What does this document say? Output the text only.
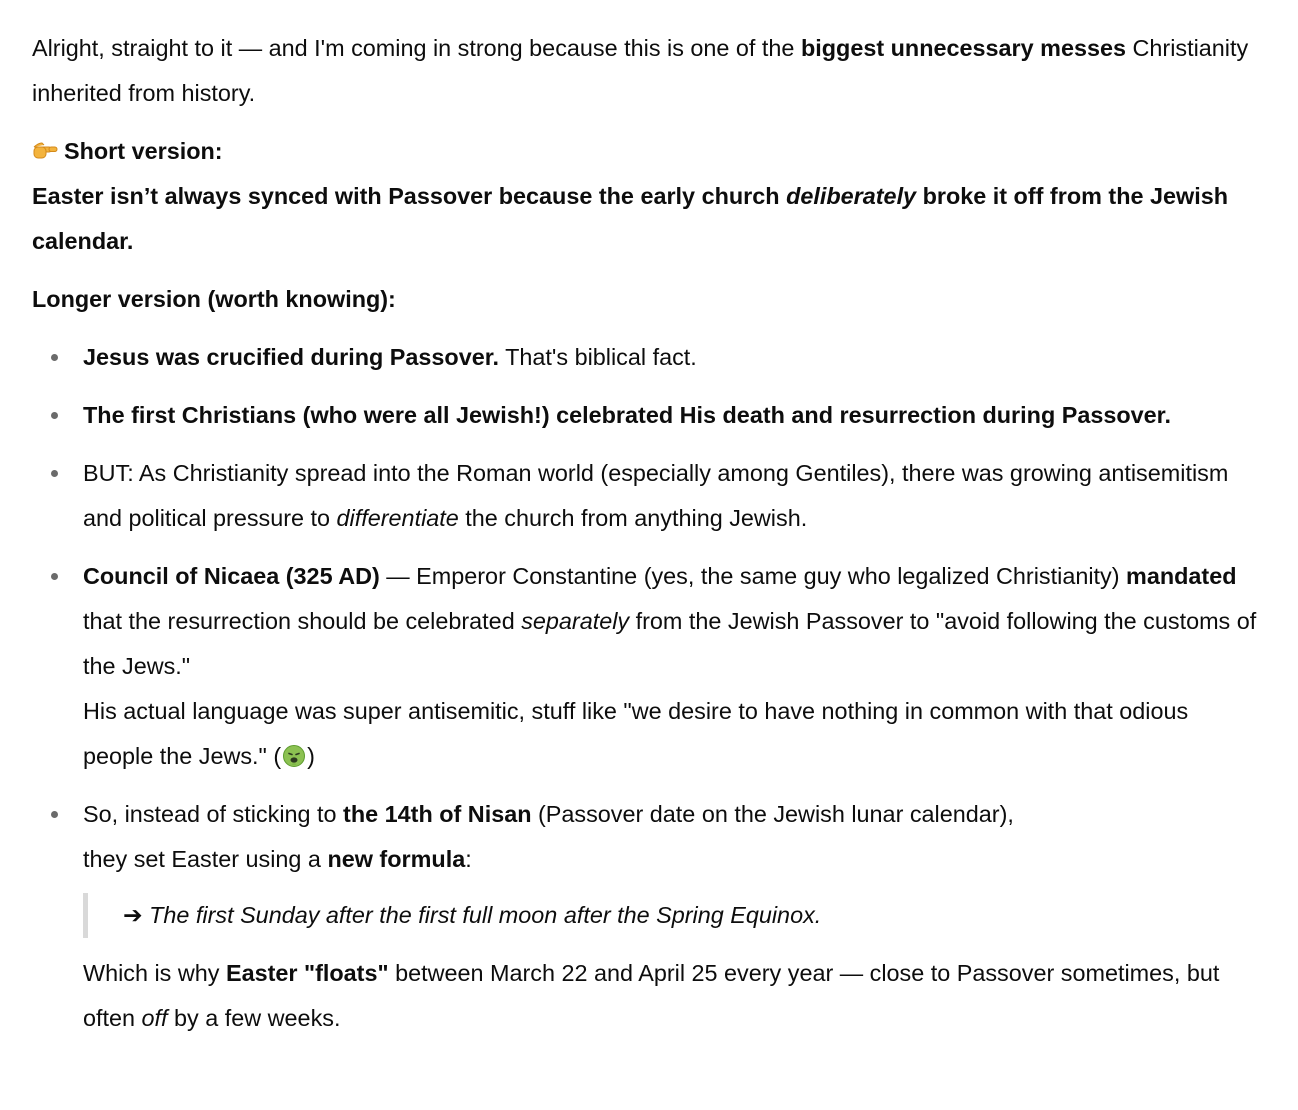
Alright, straight to it — and I'm coming in strong because this is one of the biggest unnecessary messes Christianity inherited from history.

Short version:
Easter isn’t always synced with Passover because the early church deliberately broke it off from the Jewish calendar.

Longer version (worth knowing):

Jesus was crucified during Passover. That's biblical fact.
The first Christians (who were all Jewish!) celebrated His death and resurrection during Passover.
BUT: As Christianity spread into the Roman world (especially among Gentiles), there was growing antisemitism and political pressure to differentiate the church from anything Jewish.
Council of Nicaea (325 AD) — Emperor Constantine (yes, the same guy who legalized Christianity) mandated that the resurrection should be celebrated separately from the Jewish Passover to "avoid following the customs of the Jews."
His actual language was super antisemitic, stuff like "we desire to have nothing in common with that odious people the Jews." ( )
So, instead of sticking to the 14th of Nisan (Passover date on the Jewish lunar calendar),
they set Easter using a new formula:
➔ The first Sunday after the first full moon after the Spring Equinox.

Which is why Easter "floats" between March 22 and April 25 every year — close to Passover sometimes, but often off by a few weeks.
